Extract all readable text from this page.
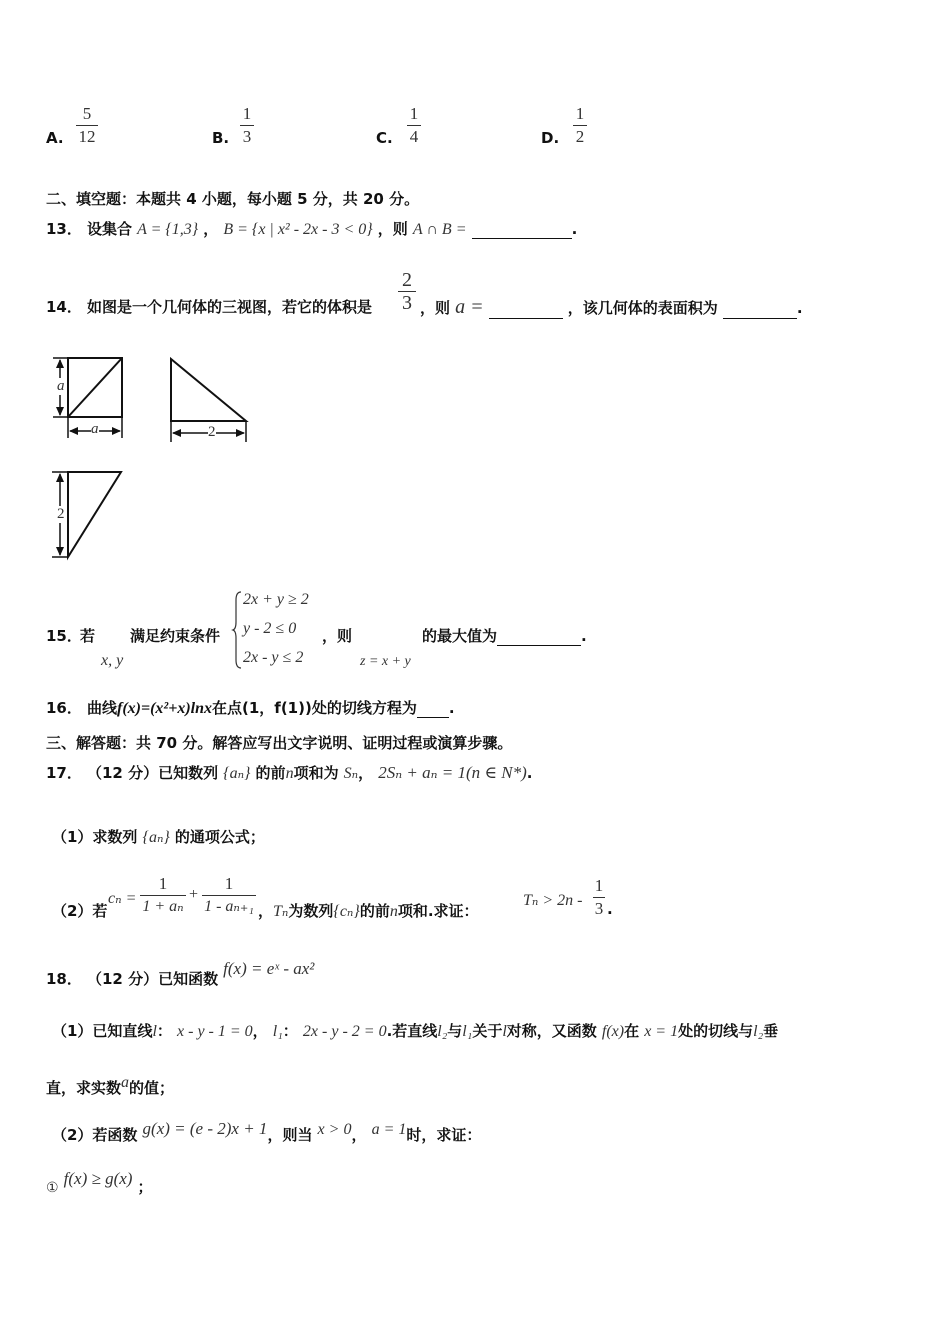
A.
5
12	B.
1
3	C.
1
4	D.
1
2
二、填空题：本题共 4 小题，每小题 5 分，共 20 分。
13． 设集合 A = {1,3} ， B = {x | x² - 2x - 3 < 0} ，则 A ∩ B =	.
14． 如图是一个几何体的三视图，若它的体积是
2
3 ，则 a =	，该几何体的表面积为	.
a
a	2
2
15．
若
x, y
满足约束条件
2x + y ≥ 2
y - 2 ≤ 0
2x - y ≤ 2
，则
z = x + y
的最大值为	.
16． 曲线f(x)=(x²+x)lnx在点(1，f(1))处的切线方程为 .
三、解答题：共 70 分。解答应写出文字说明、证明过程或演算步骤。
17． （12 分）已知数列 {aₙ} 的前n项和为 Sₙ， 2Sₙ + aₙ = 1(n ∈ N*).
（1）求数列 {aₙ} 的通项公式；
（2）若
cₙ =
1
1 + aₙ
+
1
1 - aₙ₊₁ ，Tₙ为数列{cₙ}的前n项和.求证：
Tₙ > 2n -
1
3 .
18． （12 分）已知函数 f(x) = eˣ - ax²
（1）已知直线l： x - y - 1 = 0， l₁： 2x - y - 2 = 0.若直线l₂与l₁关于l对称，又函数 f(x)在 x = 1处的切线与l₂垂
直，求实数a的值；
（2）若函数 g(x) = (e - 2)x + 1，则当 x > 0， a = 1时，求证：
① f(x) ≥ g(x) ；
